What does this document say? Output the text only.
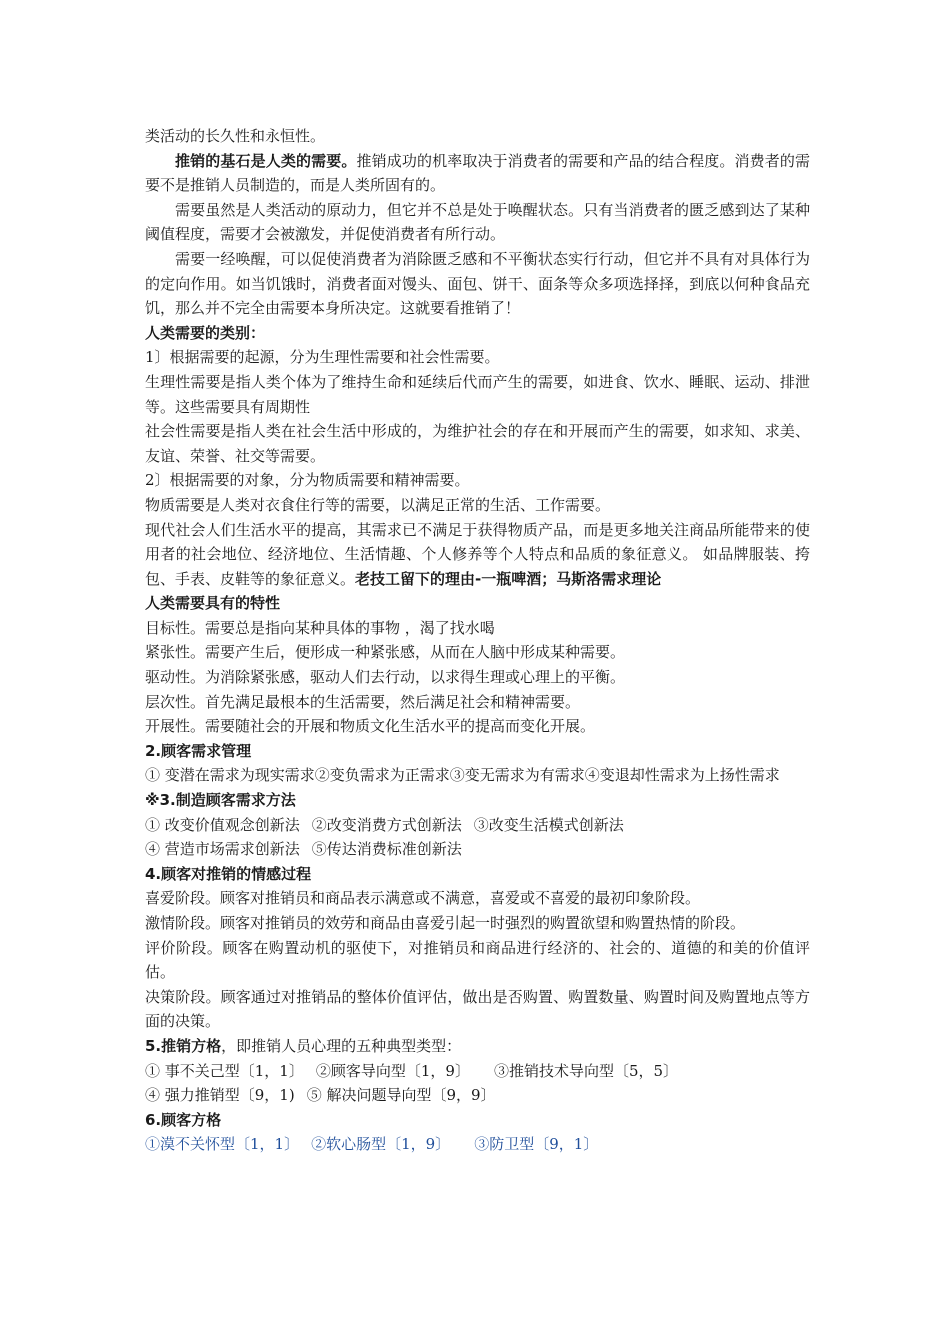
类活动的长久性和永恒性。

推销的基石是人类的需要。推销成功的机率取决于消费者的需要和产品的结合程度。消费者的需要不是推销人员制造的，而是人类所固有的。

需要虽然是人类活动的原动力，但它并不总是处于唤醒状态。只有当消费者的匮乏感到达了某种阈值程度，需要才会被激发，并促使消费者有所行动。

需要一经唤醒，可以促使消费者为消除匮乏感和不平衡状态实行行动，但它并不具有对具体行为的定向作用。如当饥饿时，消费者面对馒头、面包、饼干、面条等众多项选择择，到底以何种食品充饥，那么并不完全由需要本身所决定。这就要看推销了！

人类需要的类别：

1〕根据需要的起源，分为生理性需要和社会性需要。

生理性需要是指人类个体为了维持生命和延续后代而产生的需要，如进食、饮水、睡眠、运动、排泄等。这些需要具有周期性

社会性需要是指人类在社会生活中形成的，为维护社会的存在和开展而产生的需要，如求知、求美、友谊、荣誉、社交等需要。

2〕根据需要的对象，分为物质需要和精神需要。

物质需要是人类对衣食住行等的需要，以满足正常的生活、工作需要。

现代社会人们生活水平的提高，其需求已不满足于获得物质产品，而是更多地关注商品所能带来的使用者的社会地位、经济地位、生活情趣、个人修养等个人特点和品质的象征意义。 如品牌服装、挎包、手表、皮鞋等的象征意义。老技工留下的理由-一瓶啤酒；马斯洛需求理论

人类需要具有的特性

目标性。需要总是指向某种具体的事物 ，渴了找水喝

紧张性。需要产生后，便形成一种紧张感，从而在人脑中形成某种需要。

驱动性。为消除紧张感，驱动人们去行动，以求得生理或心理上的平衡。

层次性。首先满足最根本的生活需要，然后满足社会和精神需要。

开展性。需要随社会的开展和物质文化生活水平的提高而变化开展。

2.顾客需求管理

① 变潜在需求为现实需求②变负需求为正需求③变无需求为有需求④变退却性需求为上扬性需求

※3.制造顾客需求方法

① 改变价值观念创新法 ②改变消费方式创新法 ③改变生活模式创新法

④ 营造市场需求创新法 ⑤传达消费标准创新法

4.顾客对推销的情感过程

喜爱阶段。顾客对推销员和商品表示满意或不满意，喜爱或不喜爱的最初印象阶段。

激情阶段。顾客对推销员的效劳和商品由喜爱引起一时强烈的购置欲望和购置热情的阶段。

评价阶段。顾客在购置动机的驱使下，对推销员和商品进行经济的、社会的、道德的和美的价值评估。

决策阶段。顾客通过对推销品的整体价值评估，做出是否购置、购置数量、购置时间及购置地点等方面的决策。

5.推销方格，即推销人员心理的五种典型类型：

① 事不关己型〔1，1〕 ②顾客导向型〔1，9〕 ③推销技术导向型〔5，5〕

④ 强力推销型〔9，1) ⑤ 解决问题导向型〔9，9〕

6.顾客方格

①漠不关怀型〔1，1〕 ②软心肠型〔1，9〕 ③防卫型〔9，1〕
